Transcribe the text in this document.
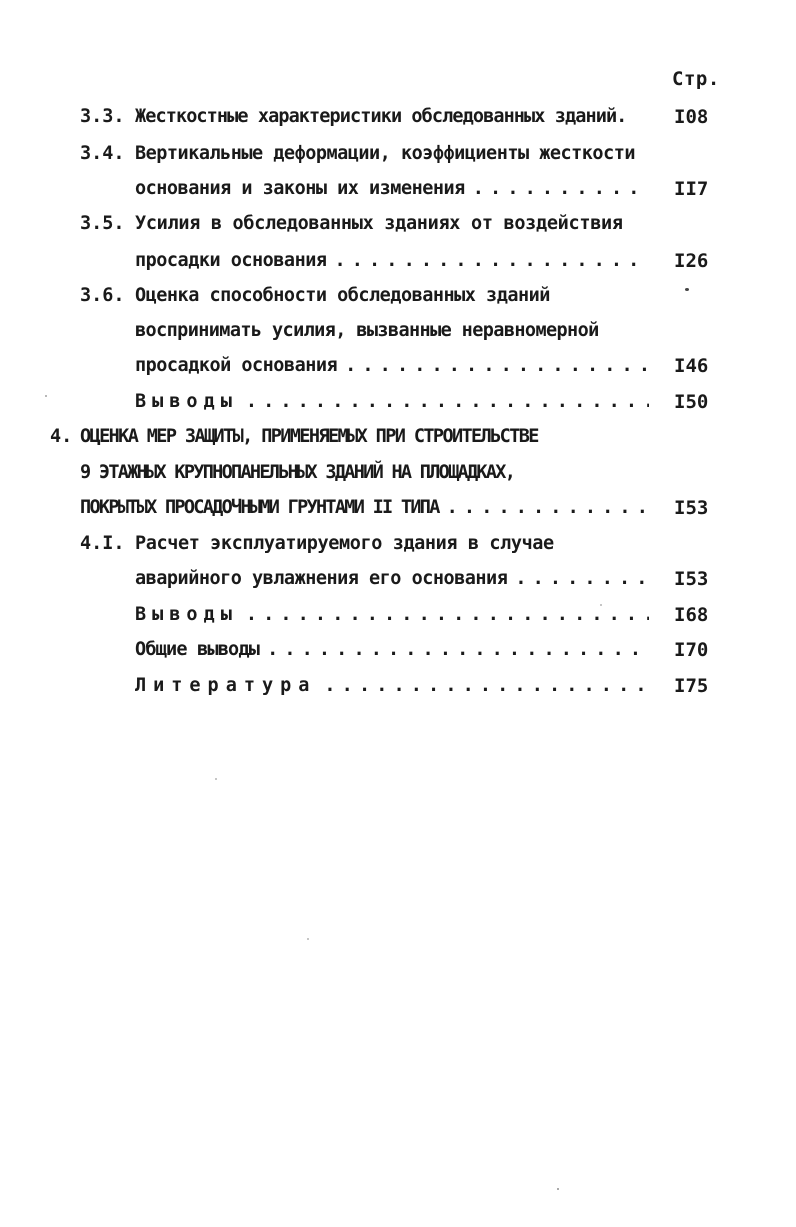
Стр.
3.3. Жесткостные характеристики обследованных зданий.	I08
3.4. Вертикальные деформации, коэффициенты жесткости
основания и законы их изменения . . .	II7
3.5. Усилия в обследованных зданиях от воздействия
просадки основания . . .	I26
3.6. Оценка способности обследованных зданий
воспринимать усилия, вызванные неравномерной
просадкой основания . . .	I46
Выводы . . .	I50
4. ОЦЕНКА МЕР ЗАЩИТЫ, ПРИМЕНЯЕМЫХ ПРИ СТРОИТЕЛЬСТВЕ
9 ЭТАЖНЫХ КРУПНОПАНЕЛЬНЫХ ЗДАНИЙ НА ПЛОЩАДКАХ,
ПОКРЫТЫХ ПРОСАДОЧНЫМИ ГРУНТАМИ II ТИПА . . .	I53
4.I. Расчет эксплуатируемого здания в случае
аварийного увлажнения его основания . . .	I53
Выводы . . .	I68
Общие выводы . . .	I70
Литература . . .	I75
